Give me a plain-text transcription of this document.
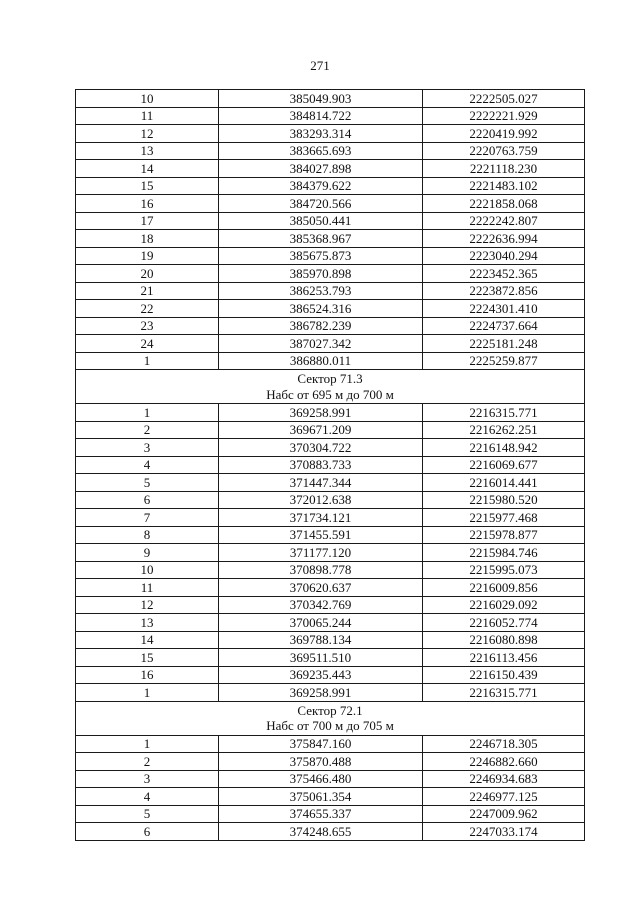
271
10	385049.903	2222505.027
11	384814.722	2222221.929
12	383293.314	2220419.992
13	383665.693	2220763.759
14	384027.898	2221118.230
15	384379.622	2221483.102
16	384720.566	2221858.068
17	385050.441	2222242.807
18	385368.967	2222636.994
19	385675.873	2223040.294
20	385970.898	2223452.365
21	386253.793	2223872.856
22	386524.316	2224301.410
23	386782.239	2224737.664
24	387027.342	2225181.248
1	386880.011	2225259.877

Сектор 71.3
Набс от 695 м до 700 м		

1	369258.991	2216315.771
2	369671.209	2216262.251
3	370304.722	2216148.942
4	370883.733	2216069.677
5	371447.344	2216014.441
6	372012.638	2215980.520
7	371734.121	2215977.468
8	371455.591	2215978.877
9	371177.120	2215984.746
10	370898.778	2215995.073
11	370620.637	2216009.856
12	370342.769	2216029.092
13	370065.244	2216052.774
14	369788.134	2216080.898
15	369511.510	2216113.456
16	369235.443	2216150.439
1	369258.991	2216315.771

Сектор 72.1
Набс от 700 м до 705 м		

1	375847.160	2246718.305
2	375870.488	2246882.660
3	375466.480	2246934.683
4	375061.354	2246977.125
5	374655.337	2247009.962
6	374248.655	2247033.174
